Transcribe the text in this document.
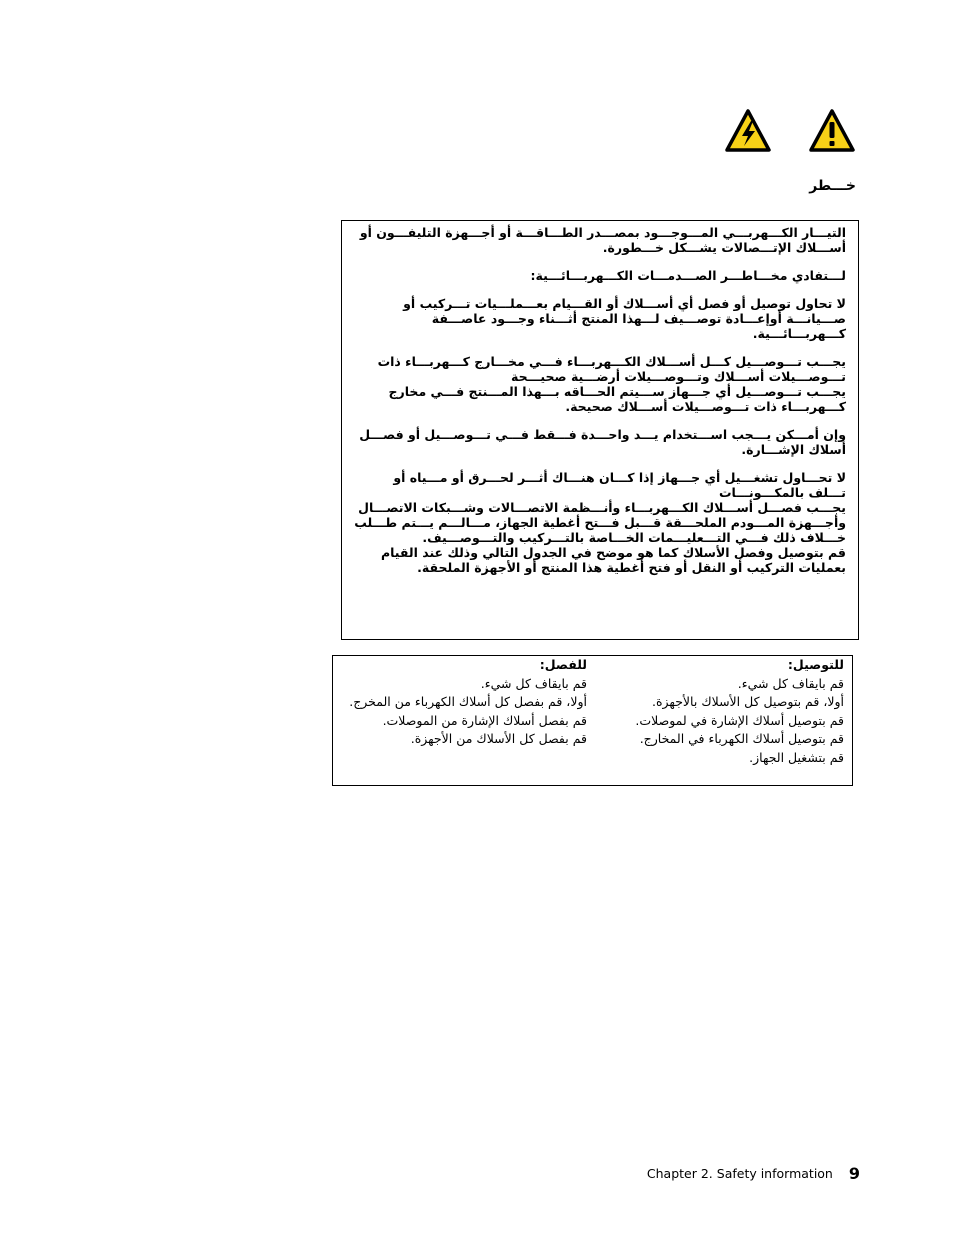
خـــطر

التيـــار الكـــهربـــي المـــوجـــود بمصـــدر الطـــاقـــة أو أجـــهزة التليفـــون أو أســـلاك الإتـــصالات يشـــكل خـــطورة.

لـــتفادي مخـــاطـــر الصـــدمـــات الكـــهربـــائـــية:

لا تحاول توصيل أو فصل أي أســـلاك أو القـــيام بعـــملـــيات تـــركيب أو صـــيانـــة أوإعـــادة توصـــيف لـــهذا المنتج أثـــناء وجـــود عاصـــفة كـــهربـــائـــية.

يجـــب تـــوصـــيل كـــل أســـلاك الكـــهربـــاء فـــي مخـــارج كـــهربـــاء ذات تـــوصـــيلات أســـلاك وتـــوصـــيلات أرضـــية صحيـــحة

يجـــب تـــوصـــيل أي جـــهاز ســـيتم الحـــاقه بـــهذا المـــنتج فـــي مخارج كـــهربـــاء ذات تـــوصـــيلات أســـلاك صحيحة.

وإن أمـــكن يـــجب اســـتخدام يـــد واحـــدة فـــقط فـــي تـــوصـــيل أو فصـــل أسلاك الإشـــارة.

لا تحـــاول تشغـــيل أي جـــهاز إذا كـــان هنـــاك أثـــر لحـــرق أو مـــياه أو تـــلف بالمكـــونـــات

يجـــب فصـــل أســـلاك الكـــهربـــاء وأنـــظمة الاتصـــالات وشـــبكات الاتصـــال وأجـــهزة المـــودم الملحـــقة قـــبل فـــتح أغطية الجهاز، مـــالـــم يـــتم طـــلب خـــلاف ذلك فـــي التـــعليـــمات الخـــاصة بالتـــركيب والتـــوصـــيف.

قم بتوصيل وفصل الأسلاك كما هو موضح في الجدول التالي وذلك عند القيام بعمليات التركيب أو النقل أو فتح أغطية هذا المنتج أو الأجهزة الملحقة.

للتوصيل:
قم بايقاف كل شيء.
أولا، قم بتوصيل كل الأسلاك بالأجهزة.
قم بتوصيل أسلاك الإشارة في لموصلات.
قم بتوصيل أسلاك الكهرباء في المخارج.
قم بتشغيل الجهاز.
للفصل:
قم بايقاف كل شيء.
أولا، قم بفصل كل أسلاك الكهرباء من المخرج.
قم بفصل أسلاك الإشارة من الموصلات.
قم بفصل كل الأسلاك من الأجهزة.
Chapter 2. Safety information 9
